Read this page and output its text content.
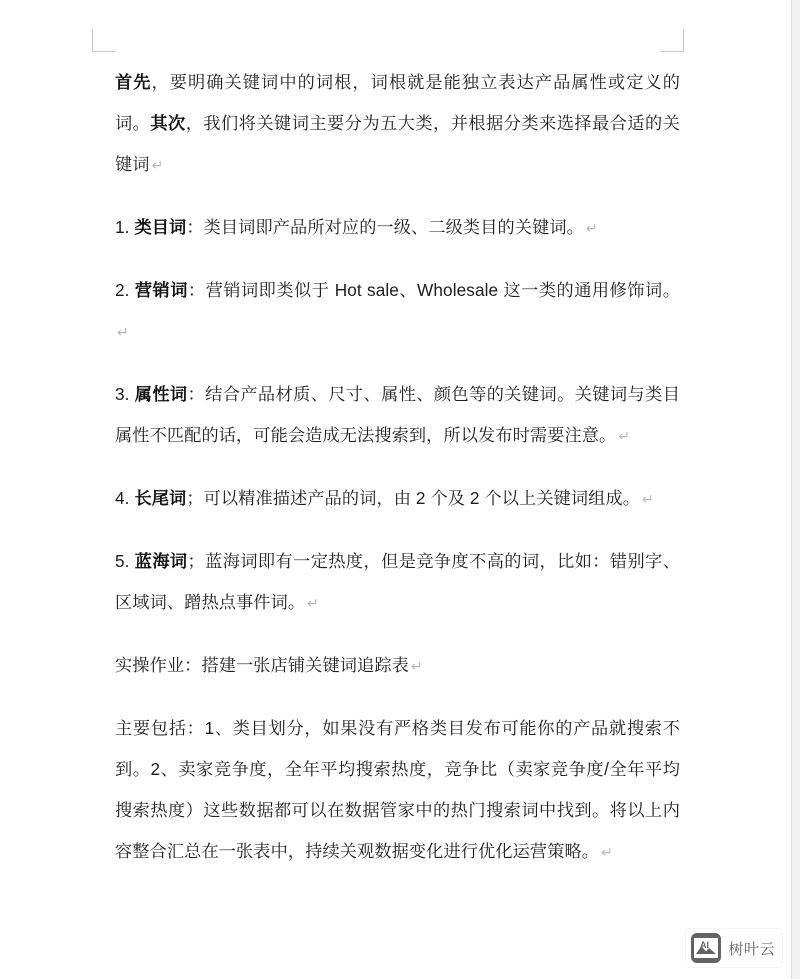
首先，要明确关键词中的词根，词根就是能独立表达产品属性或定义的词。其次，我们将关键词主要分为五大类，并根据分类来选择最合适的关键词 ↵

1. 类目词：类目词即产品所对应的一级、二级类目的关键词。 ↵

2. 营销词：营销词即类似于 Hot sale、Wholesale 这一类的通用修饰词。↵

3. 属性词：结合产品材质、尺寸、属性、颜色等的关键词。关键词与类目属性不匹配的话，可能会造成无法搜索到，所以发布时需要注意。 ↵

4. 长尾词；可以精准描述产品的词，由 2 个及 2 个以上关键词组成。 ↵

5. 蓝海词；蓝海词即有一定热度，但是竞争度不高的词，比如：错别字、区域词、蹭热点事件词。 ↵

实操作业：搭建一张店铺关键词追踪表 ↵

主要包括：1、类目划分，如果没有严格类目发布可能你的产品就搜索不到。2、卖家竞争度，全年平均搜索热度，竞争比（卖家竞争度/全年平均搜索热度）这些数据都可以在数据管家中的热门搜索词中找到。将以上内容整合汇总在一张表中，持续关观数据变化进行优化运营策略。 ↵

AI 树叶云
